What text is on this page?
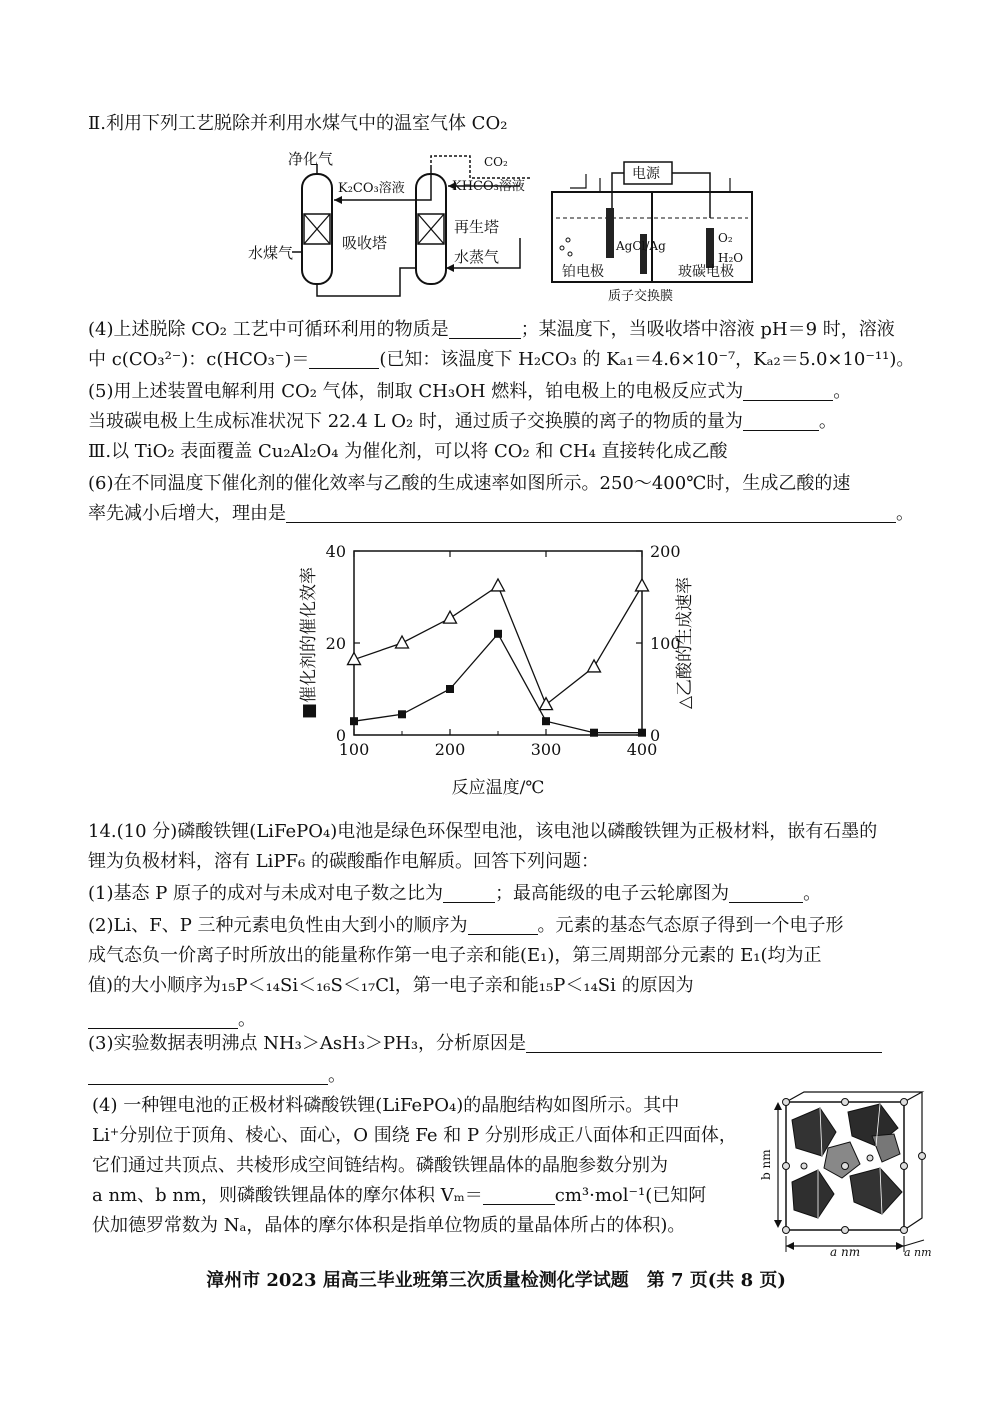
Ⅱ.利用下列工艺脱除并利用水煤气中的温室气体 CO₂
净化气
K₂CO₃溶液	KHCO₃溶液
CO₂
水煤气
吸收塔
再生塔
水蒸气
电源
AgCl/Ag
O₂
H₂O
铂电极	玻碳电极
质子交换膜
(4)上述脱除 CO₂ 工艺中可循环利用的物质是	；某温度下，当吸收塔中溶液 pH＝9 时，溶液
中 c(CO₃²⁻)：c(HCO₃⁻)＝	(已知：该温度下 H₂CO₃ 的 Kₐ₁＝4.6×10⁻⁷，Kₐ₂＝5.0×10⁻¹¹)。
(5)用上述装置电解利用 CO₂ 气体，制取 CH₃OH 燃料，铂电极上的电极反应式为	。
当玻碳电极上生成标准状况下 22.4 L O₂ 时，通过质子交换膜的离子的物质的量为	。
Ⅲ.以 TiO₂ 表面覆盖 Cu₂Al₂O₄ 为催化剂，可以将 CO₂ 和 CH₄ 直接转化成乙酸
(6)在不同温度下催化剂的催化效率与乙酸的生成速率如图所示。250～400℃时，生成乙酸的速
率先减小后增大，理由是	。
100	200	300	400
0
20
40
0
100
200
反应温度/℃
■催化剂的催化效率	△乙酸的生成速率
14.(10 分)磷酸铁锂(LiFePO₄)电池是绿色环保型电池，该电池以磷酸铁锂为正极材料，嵌有石墨的
锂为负极材料，溶有 LiPF₆ 的碳酸酯作电解质。回答下列问题：
(1)基态 P 原子的成对与未成对电子数之比为	；最高能级的电子云轮廓图为	。
(2)Li、F、P 三种元素电负性由大到小的顺序为	。元素的基态气态原子得到一个电子形
成气态负一价离子时所放出的能量称作第一电子亲和能(E₁)，第三周期部分元素的 E₁(均为正
值)的大小顺序为₁₅P＜₁₄Si＜₁₆S＜₁₇Cl，第一电子亲和能₁₅P＜₁₄Si 的原因为
。
(3)实验数据表明沸点 NH₃＞AsH₃＞PH₃，分析原因是
。
(4) 一种锂电池的正极材料磷酸铁锂(LiFePO₄)的晶胞结构如图所示。其中
Li⁺分别位于顶角、棱心、面心，O 围绕 Fe 和 P 分别形成正八面体和正四面体，
它们通过共顶点、共棱形成空间链结构。磷酸铁锂晶体的晶胞参数分别为
a nm、b nm，则磷酸铁锂晶体的摩尔体积 Vₘ＝	cm³·mol⁻¹(已知阿
伏加德罗常数为 Nₐ，晶体的摩尔体积是指单位物质的量晶体所占的体积)。
b nm
a nm	a nm
漳州市 2023 届高三毕业班第三次质量检测化学试题　第 7 页(共 8 页)
